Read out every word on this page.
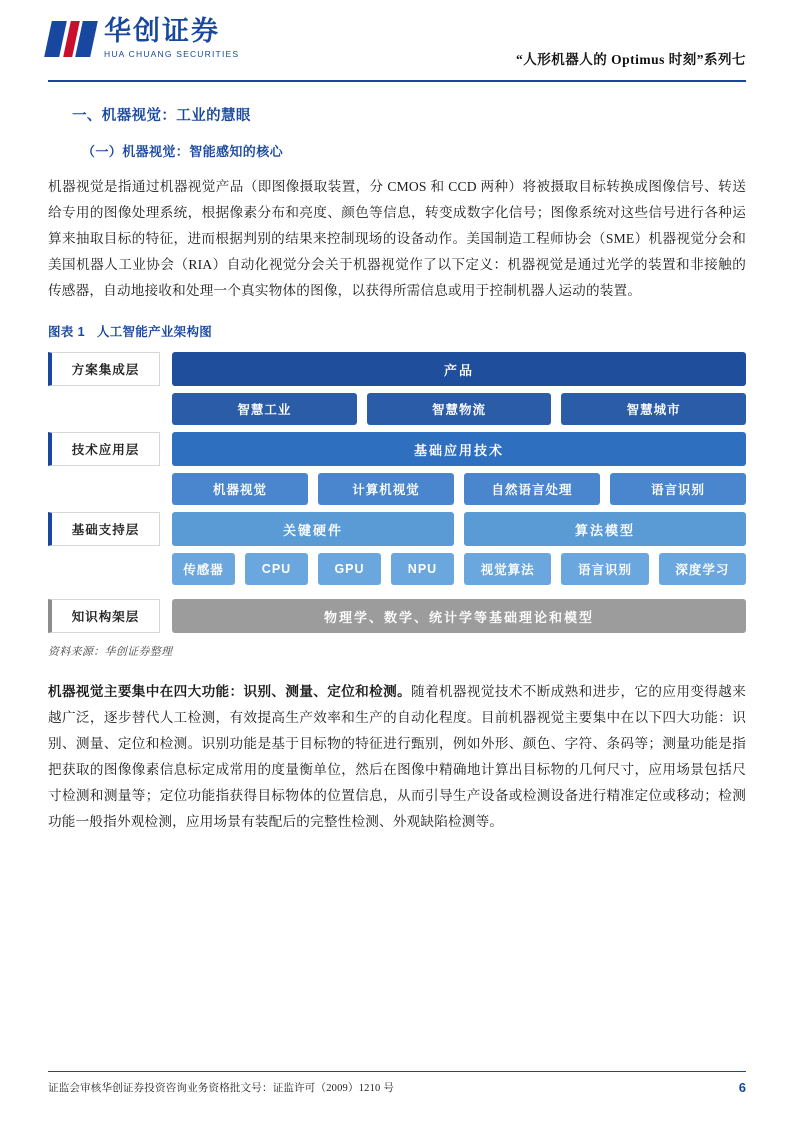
华创证券
HUA CHUANG SECURITIES	“人形机器人的 Optimus 时刻”系列七
一、机器视觉：工业的慧眼
（一）机器视觉：智能感知的核心

机器视觉是指通过机器视觉产品（即图像摄取装置，分 CMOS 和 CCD 两种）将被摄取目标转换成图像信号、转送给专用的图像处理系统，根据像素分布和亮度、颜色等信息，转变成数字化信号；图像系统对这些信号进行各种运算来抽取目标的特征，进而根据判别的结果来控制现场的设备动作。美国制造工程师协会（SME）机器视觉分会和美国机器人工业协会（RIA）自动化视觉分会关于机器视觉作了以下定义：机器视觉是通过光学的装置和非接触的传感器，自动地接收和处理一个真实物体的图像，以获得所需信息或用于控制机器人运动的装置。

图表 1 人工智能产业架构图
方案集成层	产品
智慧工业	智慧物流	智慧城市
技术应用层	基础应用技术
机器视觉	计算机视觉	自然语言处理	语言识别
基础支持层	关键硬件	算法模型
传感器	CPU	GPU	NPU	视觉算法	语言识别	深度学习
知识构架层	物理学、数学、统计学等基础理论和模型
资料来源：华创证券整理

机器视觉主要集中在四大功能：识别、测量、定位和检测。随着机器视觉技术不断成熟和进步，它的应用变得越来越广泛，逐步替代人工检测，有效提高生产效率和生产的自动化程度。目前机器视觉主要集中在以下四大功能：识别、测量、定位和检测。识别功能是基于目标物的特征进行甄别，例如外形、颜色、字符、条码等；测量功能是指把获取的图像像素信息标定成常用的度量衡单位，然后在图像中精确地计算出目标物的几何尺寸，应用场景包括尺寸检测和测量等；定位功能指获得目标物体的位置信息，从而引导生产设备或检测设备进行精准定位或移动；检测功能一般指外观检测，应用场景有装配后的完整性检测、外观缺陷检测等。

证监会审核华创证券投资咨询业务资格批文号：证监许可（2009）1210 号	6
